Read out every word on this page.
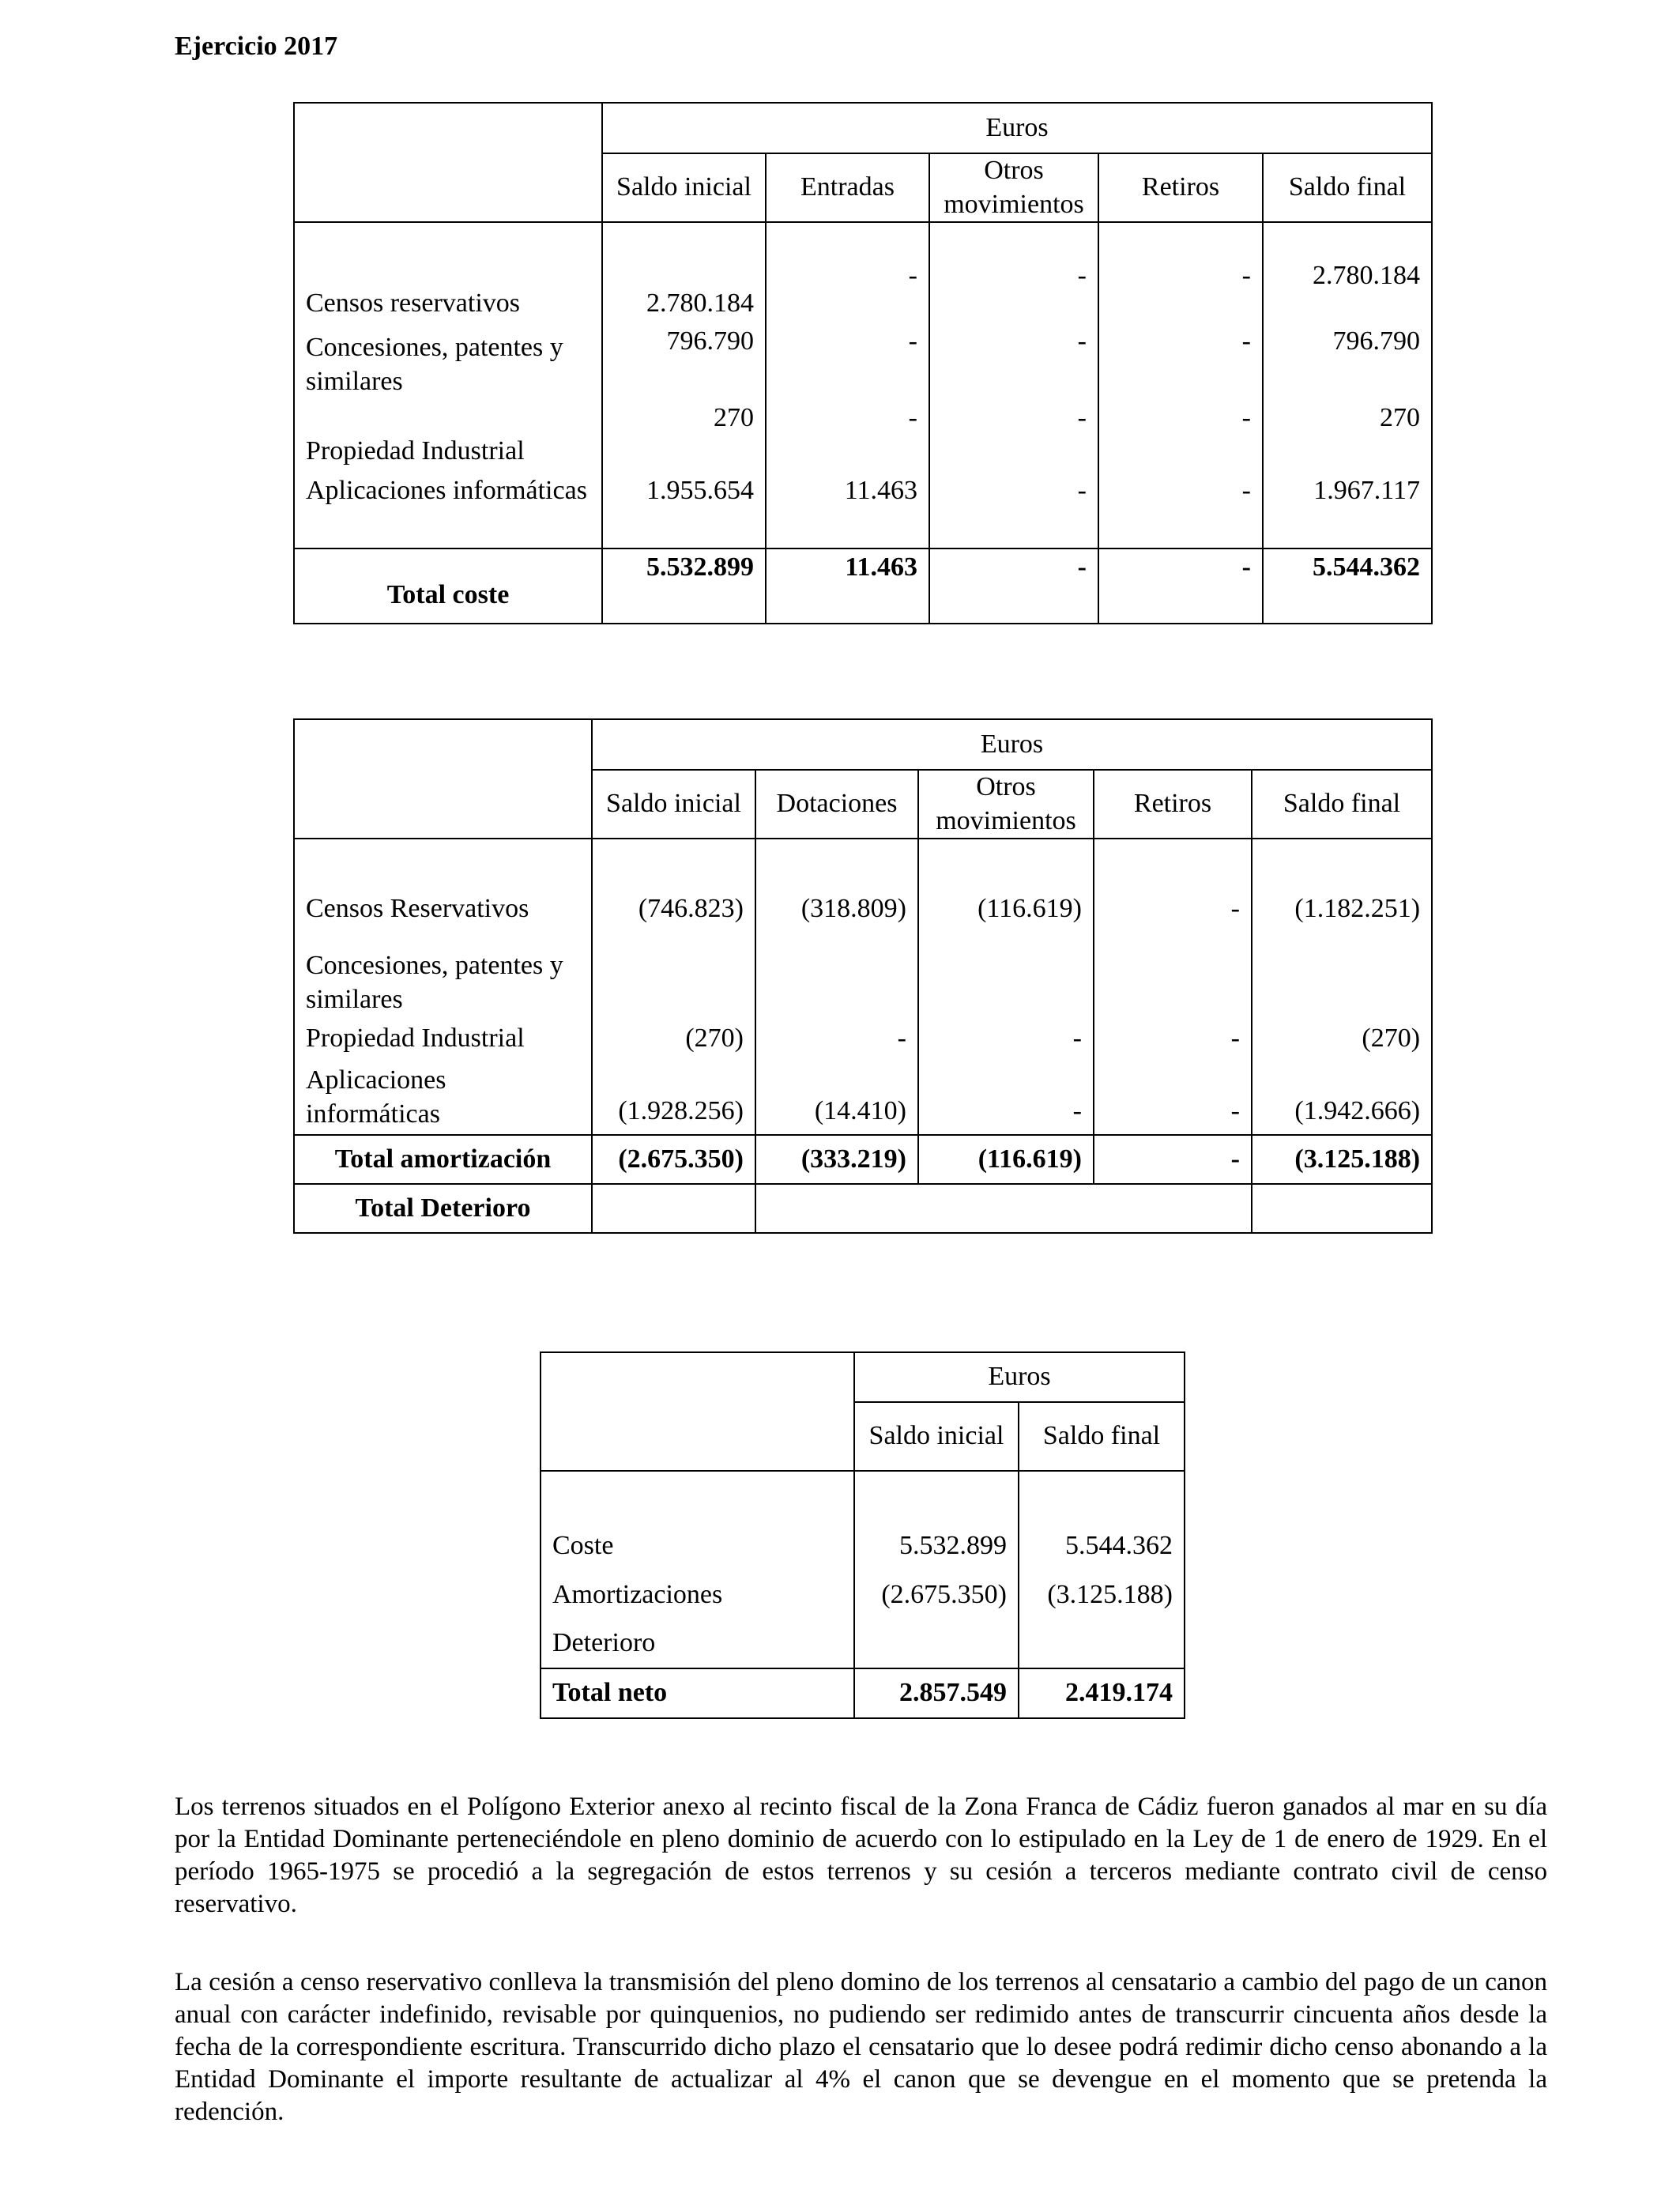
Ejercicio 2017
	Euros				
	Saldo inicial	Entradas	Otros movimientos	Retiros	Saldo final

Censos reservativos	2.780.184	-	-	-	2.780.184
Concesiones, patentes y similares	796.790	-	-	-	796.790
Propiedad Industrial	270	-	-	-	270
Aplicaciones informáticas	1.955.654	11.463	-	-	1.967.117
Total coste	5.532.899	11.463	-	-	5.544.362
	Euros				
	Saldo inicial	Dotaciones	Otros movimientos	Retiros	Saldo final

Censos Reservativos	(746.823)	(318.809)	(116.619)	-	(1.182.251)
Concesiones, patentes y similares					
Propiedad Industrial	(270)	-	-	-	(270)
Aplicaciones informáticas	(1.928.256)	(14.410)	-	-	(1.942.666)
Total amortización	(2.675.350)	(333.219)	(116.619)	-	(3.125.188)
Total Deterioro					
	Euros	
	Saldo inicial	Saldo final

Coste	5.532.899	5.544.362
Amortizaciones	(2.675.350)	(3.125.188)
Deterioro		
Total neto	2.857.549	2.419.174

Los terrenos situados en el Polígono Exterior anexo al recinto fiscal de la Zona Franca de Cádiz fueron ganados al mar en su día por la Entidad Dominante perteneciéndole en pleno dominio de acuerdo con lo estipulado en la Ley de 1 de enero de 1929. En el período 1965-1975 se procedió a la segregación de estos terrenos y su cesión a terceros mediante contrato civil de censo reservativo.

La cesión a censo reservativo conlleva la transmisión del pleno domino de los terrenos al censatario a cambio del pago de un canon anual con carácter indefinido, revisable por quinquenios, no pudiendo ser redimido antes de transcurrir cincuenta años desde la fecha de la correspondiente escritura. Transcurrido dicho plazo el censatario que lo desee podrá redimir dicho censo abonando a la Entidad Dominante el importe resultante de actualizar al 4% el canon que se devengue en el momento que se pretenda la redención.
